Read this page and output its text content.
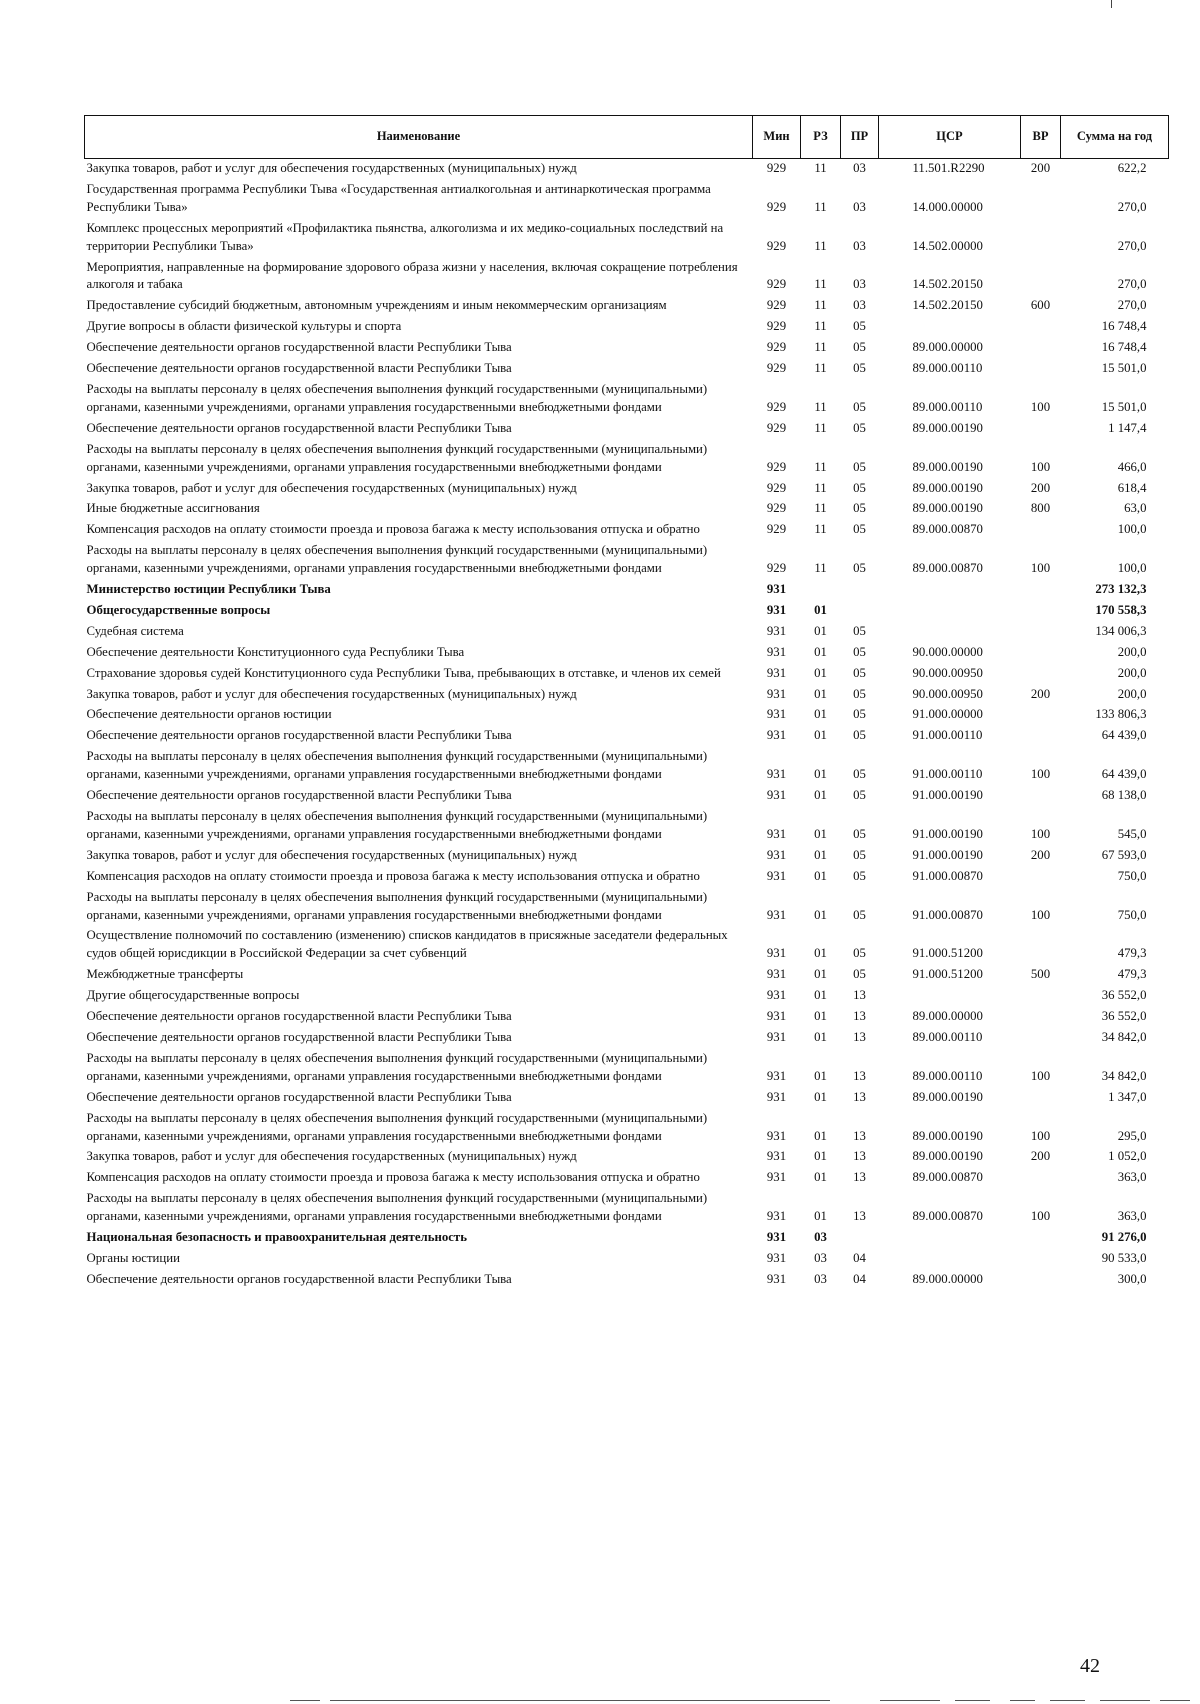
Наименование	Мин	РЗ	ПР	ЦСР	ВР	Сумма на год
Закупка товаров, работ и услуг для обеспечения государственных (муниципальных) нужд	929	11	03	11.501.R2290	200	622,2
Государственная программа Республики Тыва «Государственная антиалкогольная и антинаркотическая программа Республики Тыва»	929	11	03	14.000.00000		270,0
Комплекс процессных мероприятий «Профилактика пьянства, алкоголизма и их медико-социальных последствий на территории Республики Тыва»	929	11	03	14.502.00000		270,0
Мероприятия, направленные на формирование здорового образа жизни у населения, включая сокращение потребления алкоголя и табака	929	11	03	14.502.20150		270,0
Предоставление субсидий бюджетным, автономным учреждениям и иным некоммерческим организациям	929	11	03	14.502.20150	600	270,0
Другие вопросы в области физической культуры и спорта	929	11	05			16 748,4
Обеспечение деятельности органов государственной власти Республики Тыва	929	11	05	89.000.00000		16 748,4
Обеспечение деятельности органов государственной власти Республики Тыва	929	11	05	89.000.00110		15 501,0
Расходы на выплаты персоналу в целях обеспечения выполнения функций государственными (муниципальными) органами, казенными учреждениями, органами управления государственными внебюджетными фондами	929	11	05	89.000.00110	100	15 501,0
Обеспечение деятельности органов государственной власти Республики Тыва	929	11	05	89.000.00190		1 147,4
Расходы на выплаты персоналу в целях обеспечения выполнения функций государственными (муниципальными) органами, казенными учреждениями, органами управления государственными внебюджетными фондами	929	11	05	89.000.00190	100	466,0
Закупка товаров, работ и услуг для обеспечения государственных (муниципальных) нужд	929	11	05	89.000.00190	200	618,4
Иные бюджетные ассигнования	929	11	05	89.000.00190	800	63,0
Компенсация расходов на оплату стоимости проезда и провоза багажа к месту использования отпуска и обратно	929	11	05	89.000.00870		100,0
Расходы на выплаты персоналу в целях обеспечения выполнения функций государственными (муниципальными) органами, казенными учреждениями, органами управления государственными внебюджетными фондами	929	11	05	89.000.00870	100	100,0
Министерство юстиции Республики Тыва	931					273 132,3
Общегосударственные вопросы	931	01				170 558,3
Судебная система	931	01	05			134 006,3
Обеспечение деятельности Конституционного суда Республики Тыва	931	01	05	90.000.00000		200,0
Страхование здоровья судей Конституционного суда Республики Тыва, пребывающих в отставке, и членов их семей	931	01	05	90.000.00950		200,0
Закупка товаров, работ и услуг для обеспечения государственных (муниципальных) нужд	931	01	05	90.000.00950	200	200,0
Обеспечение деятельности органов юстиции	931	01	05	91.000.00000		133 806,3
Обеспечение деятельности органов государственной власти Республики Тыва	931	01	05	91.000.00110		64 439,0
Расходы на выплаты персоналу в целях обеспечения выполнения функций государственными (муниципальными) органами, казенными учреждениями, органами управления государственными внебюджетными фондами	931	01	05	91.000.00110	100	64 439,0
Обеспечение деятельности органов государственной власти Республики Тыва	931	01	05	91.000.00190		68 138,0
Расходы на выплаты персоналу в целях обеспечения выполнения функций государственными (муниципальными) органами, казенными учреждениями, органами управления государственными внебюджетными фондами	931	01	05	91.000.00190	100	545,0
Закупка товаров, работ и услуг для обеспечения государственных (муниципальных) нужд	931	01	05	91.000.00190	200	67 593,0
Компенсация расходов на оплату стоимости проезда и провоза багажа к месту использования отпуска и обратно	931	01	05	91.000.00870		750,0
Расходы на выплаты персоналу в целях обеспечения выполнения функций государственными (муниципальными) органами, казенными учреждениями, органами управления государственными внебюджетными фондами	931	01	05	91.000.00870	100	750,0
Осуществление полномочий по составлению (изменению) списков кандидатов в присяжные заседатели федеральных судов общей юрисдикции в Российской Федерации за счет субвенций	931	01	05	91.000.51200		479,3
Межбюджетные трансферты	931	01	05	91.000.51200	500	479,3
Другие общегосударственные вопросы	931	01	13			36 552,0
Обеспечение деятельности органов государственной власти Республики Тыва	931	01	13	89.000.00000		36 552,0
Обеспечение деятельности органов государственной власти Республики Тыва	931	01	13	89.000.00110		34 842,0
Расходы на выплаты персоналу в целях обеспечения выполнения функций государственными (муниципальными) органами, казенными учреждениями, органами управления государственными внебюджетными фондами	931	01	13	89.000.00110	100	34 842,0
Обеспечение деятельности органов государственной власти Республики Тыва	931	01	13	89.000.00190		1 347,0
Расходы на выплаты персоналу в целях обеспечения выполнения функций государственными (муниципальными) органами, казенными учреждениями, органами управления государственными внебюджетными фондами	931	01	13	89.000.00190	100	295,0
Закупка товаров, работ и услуг для обеспечения государственных (муниципальных) нужд	931	01	13	89.000.00190	200	1 052,0
Компенсация расходов на оплату стоимости проезда и провоза багажа к месту использования отпуска и обратно	931	01	13	89.000.00870		363,0
Расходы на выплаты персоналу в целях обеспечения выполнения функций государственными (муниципальными) органами, казенными учреждениями, органами управления государственными внебюджетными фондами	931	01	13	89.000.00870	100	363,0
Национальная безопасность и правоохранительная деятельность	931	03				91 276,0
Органы юстиции	931	03	04			90 533,0
Обеспечение деятельности органов государственной власти Республики Тыва	931	03	04	89.000.00000		300,0
42
